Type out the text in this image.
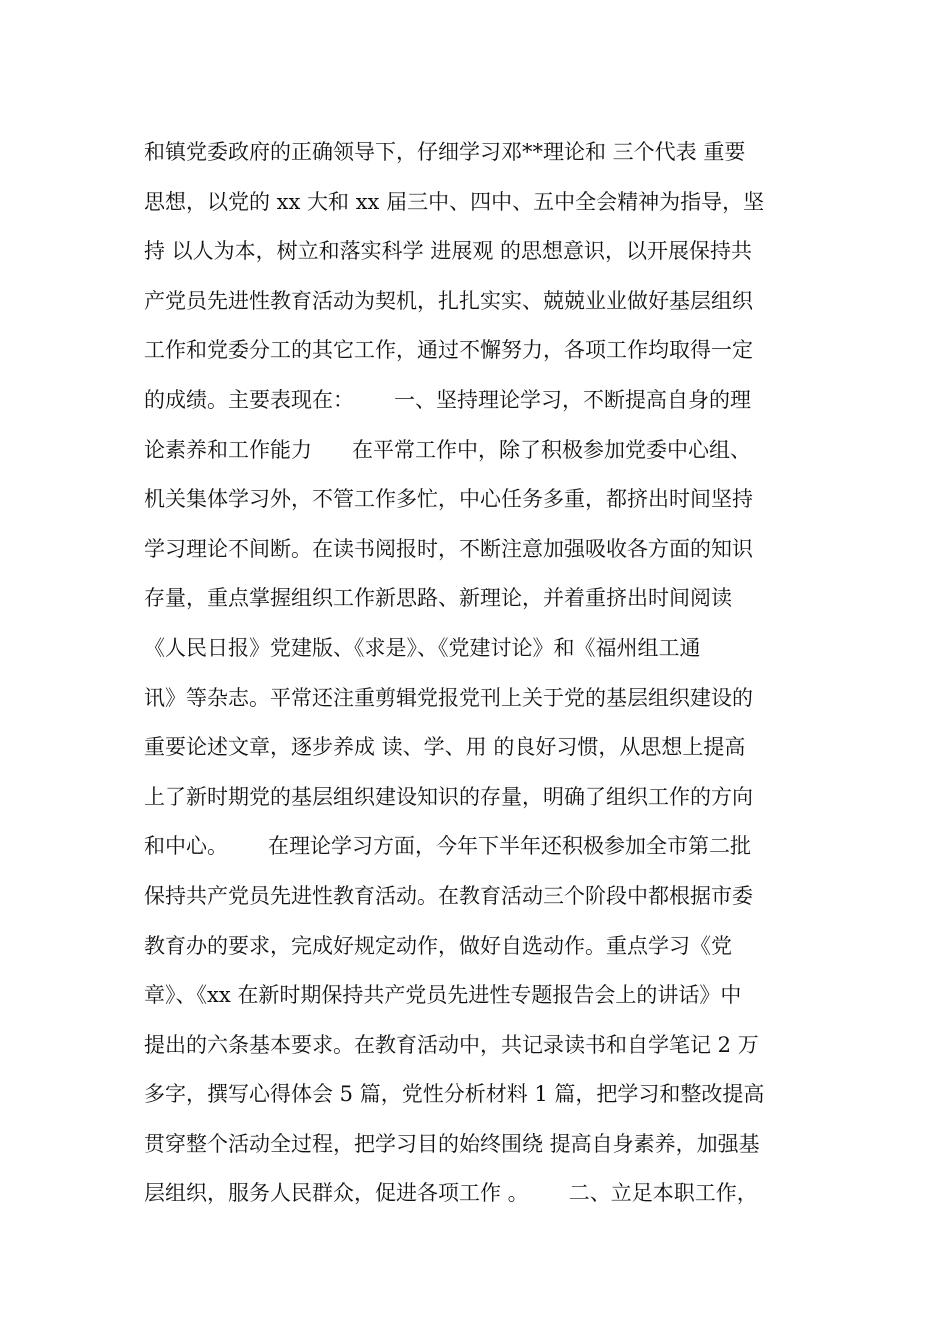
和镇党委政府的正确领导下，仔细学习邓**理论和 三个代表 重要
思想，以党的 xx 大和 xx 届三中、四中、五中全会精神为指导，坚
持 以人为本，树立和落实科学 进展观 的思想意识，以开展保持共
产党员先进性教育活动为契机，扎扎实实、兢兢业业做好基层组织
工作和党委分工的其它工作，通过不懈努力，各项工作均取得一定
的成绩。主要表现在：      一、坚持理论学习，不断提高自身的理
论素养和工作能力      在平常工作中，除了积极参加党委中心组、
机关集体学习外，不管工作多忙，中心任务多重，都挤出时间坚持
学习理论不间断。在读书阅报时，不断注意加强吸收各方面的知识
存量，重点掌握组织工作新思路、新理论，并着重挤出时间阅读
《人民日报》党建版、《求是》、《党建讨论》和《福州组工通
讯》等杂志。平常还注重剪辑党报党刊上关于党的基层组织建设的
重要论述文章，逐步养成 读、学、用 的良好习惯，从思想上提高
上了新时期党的基层组织建设知识的存量，明确了组织工作的方向
和中心。      在理论学习方面，今年下半年还积极参加全市第二批
保持共产党员先进性教育活动。在教育活动三个阶段中都根据市委
教育办的要求，完成好规定动作，做好自选动作。重点学习《党
章》、《xx 在新时期保持共产党员先进性专题报告会上的讲话》中
提出的六条基本要求。在教育活动中，共记录读书和自学笔记 2 万
多字，撰写心得体会 5 篇，党性分析材料 1 篇，把学习和整改提高
贯穿整个活动全过程，把学习目的始终围绕 提高自身素养，加强基
层组织，服务人民群众，促进各项工作 。      二、立足本职工作，
